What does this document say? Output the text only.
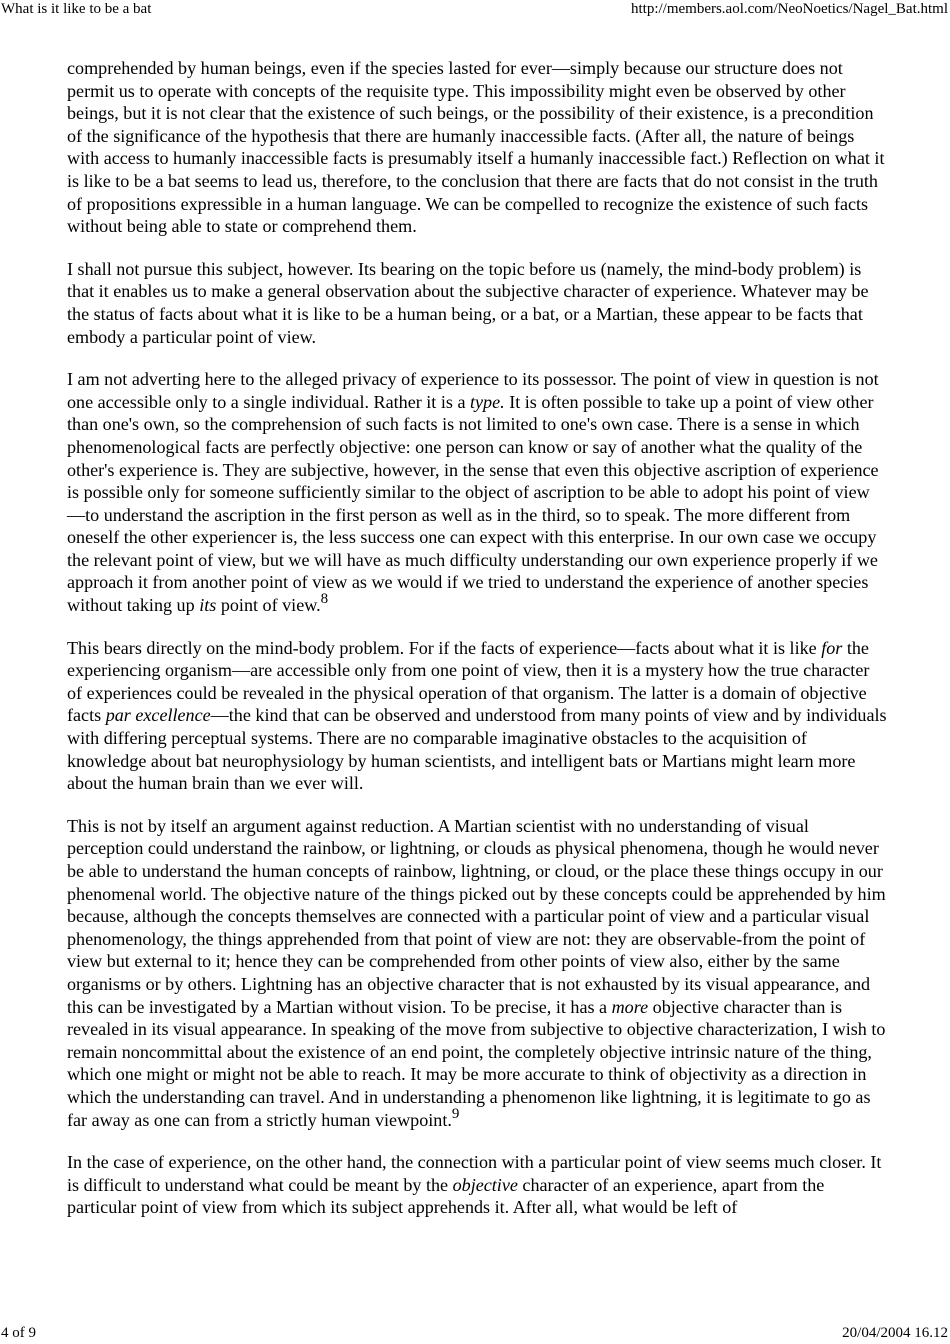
What is it like to be a bat	http://members.aol.com/NeoNoetics/Nagel_Bat.html

comprehended by human beings, even if the species lasted for ever—simply because our structure does not permit us to operate with concepts of the requisite type. This impossibility might even be observed by other beings, but it is not clear that the existence of such beings, or the possibility of their existence, is a precondition of the significance of the hypothesis that there are humanly inaccessible facts. (After all, the nature of beings with access to humanly inaccessible facts is presumably itself a humanly inaccessible fact.) Reflection on what it is like to be a bat seems to lead us, therefore, to the conclusion that there are facts that do not consist in the truth of propositions expressible in a human language. We can be compelled to recognize the existence of such facts without being able to state or comprehend them.

I shall not pursue this subject, however. Its bearing on the topic before us (namely, the mind-body problem) is that it enables us to make a general observation about the subjective character of experience. Whatever may be the status of facts about what it is like to be a human being, or a bat, or a Martian, these appear to be facts that embody a particular point of view.

I am not adverting here to the alleged privacy of experience to its possessor. The point of view in question is not one accessible only to a single individual. Rather it is a type. It is often possible to take up a point of view other than one's own, so the comprehension of such facts is not limited to one's own case. There is a sense in which phenomenological facts are perfectly objective: one person can know or say of another what the quality of the other's experience is. They are subjective, however, in the sense that even this objective ascription of experience is possible only for someone sufficiently similar to the object of ascription to be able to adopt his point of view—to understand the ascription in the first person as well as in the third, so to speak. The more different from oneself the other experiencer is, the less success one can expect with this enterprise. In our own case we occupy the relevant point of view, but we will have as much difficulty understanding our own experience properly if we approach it from another point of view as we would if we tried to understand the experience of another species without taking up its point of view.$^8$

This bears directly on the mind-body problem. For if the facts of experience—facts about what it is like for the experiencing organism—are accessible only from one point of view, then it is a mystery how the true character of experiences could be revealed in the physical operation of that organism. The latter is a domain of objective facts par excellence—the kind that can be observed and understood from many points of view and by individuals with differing perceptual systems. There are no comparable imaginative obstacles to the acquisition of knowledge about bat neurophysiology by human scientists, and intelligent bats or Martians might learn more about the human brain than we ever will.

This is not by itself an argument against reduction. A Martian scientist with no understanding of visual perception could understand the rainbow, or lightning, or clouds as physical phenomena, though he would never be able to understand the human concepts of rainbow, lightning, or cloud, or the place these things occupy in our phenomenal world. The objective nature of the things picked out by these concepts could be apprehended by him because, although the concepts themselves are connected with a particular point of view and a particular visual phenomenology, the things apprehended from that point of view are not: they are observable-from the point of view but external to it; hence they can be comprehended from other points of view also, either by the same organisms or by others. Lightning has an objective character that is not exhausted by its visual appearance, and this can be investigated by a Martian without vision. To be precise, it has a more objective character than is revealed in its visual appearance. In speaking of the move from subjective to objective characterization, I wish to remain noncommittal about the existence of an end point, the completely objective intrinsic nature of the thing, which one might or might not be able to reach. It may be more accurate to think of objectivity as a direction in which the understanding can travel. And in understanding a phenomenon like lightning, it is legitimate to go as far away as one can from a strictly human viewpoint.$^9$

In the case of experience, on the other hand, the connection with a particular point of view seems much closer. It is difficult to understand what could be meant by the objective character of an experience, apart from the particular point of view from which its subject apprehends it. After all, what would be left of

4 of 9	20/04/2004 16.12
